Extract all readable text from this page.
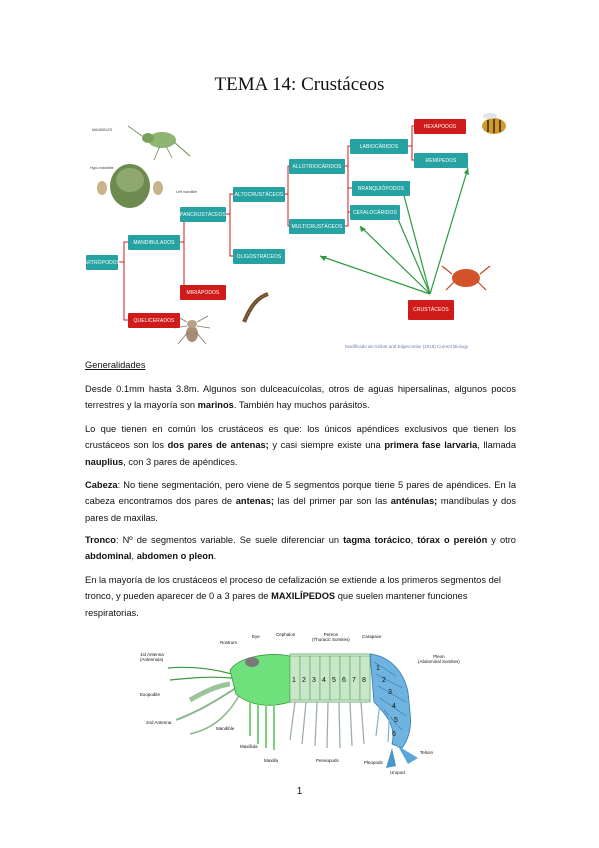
TEMA 14: Crustáceos
ARTRÓPODOS
MANDIBULADOS
QUELICERADOS
PANCRUSTÁCEOS
MIRIÁPODOS
ALTOCRUSTÁCEOS
OLIGOSTRÁCEOS
ALLOTRIOCÁRIDOS
MULTICRUSTÁCEOS
LABIOCÁRIDOS
CEFALOCÁRIDOS
BRANQUIÓPODOS
HEXÁPODOS
REMÍPEDOS
CRUSTÁCEOS
MANDIBLES
Hypo-mandible
Left mandible
Modificado de Giribet and Edgecombe (2019) Current Biology
Generalidades
Desde 0.1mm hasta 3.8m. Algunos son dulceacuícolas, otros de aguas hipersalinas, algunos pocos terrestres y la mayoría son marinos. También hay muchos parásitos.
Lo que tienen en común los crustáceos es que: los únicos apéndices exclusivos que tienen los crustáceos son los dos pares de antenas; y casi siempre existe una primera fase larvaria, llamada nauplius, con 3 pares de apéndices.
Cabeza: No tiene segmentación, pero viene de 5 segmentos porque tiene 5 pares de apéndices. En la cabeza encontramos dos pares de antenas; las del primer par son las anténulas; mandíbulas y dos pares de maxilas.
Tronco: Nº de segmentos variable. Se suele diferenciar un tagma torácico, tórax o pereión y otro abdominal, abdomen o pleon.
En la mayoría de los crustáceos el proceso de cefalización se extiende a los primeros segmentos del tronco, y pueden aparecer de 0 a 3 pares de MAXILÍPEDOS que suelen mantener funciones respiratorias.
1 2 3 4 5 6 7 8
1
2
3
4
5
6
Eye
Rostrum
Cephalon	Pereon
(Thoracic Somites)
Carapace
Pleon
(Abdominal Somites)
1st Antenna
(Antennula)
Exopodite
2nd Antenna
Mandible
Maxillula
Maxilla	Pereiopods	Pleopods
Telson
Uropod
1
